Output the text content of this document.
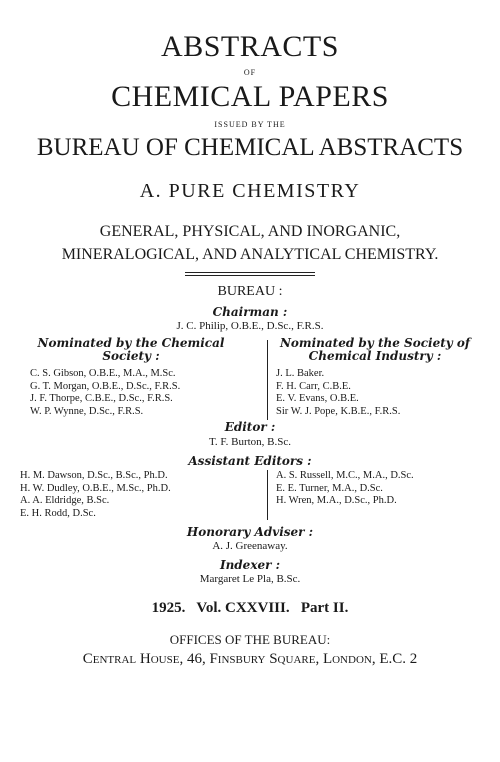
ABSTRACTS
OF
CHEMICAL PAPERS
ISSUED BY THE
BUREAU OF CHEMICAL ABSTRACTS
A. PURE CHEMISTRY
GENERAL, PHYSICAL, AND INORGANIC,
MINERALOGICAL, AND ANALYTICAL CHEMISTRY.
BUREAU :
Chairman :
J. C. Philip, O.B.E., D.Sc., F.R.S.
Nominated by the Chemical
Society :
C. S. Gibson, O.B.E., M.A., M.Sc.
G. T. Morgan, O.B.E., D.Sc., F.R.S.
J. F. Thorpe, C.B.E., D.Sc., F.R.S.
W. P. Wynne, D.Sc., F.R.S.
Nominated by the Society of
Chemical Industry :
J. L. Baker.
F. H. Carr, C.B.E.
E. V. Evans, O.B.E.
Sir W. J. Pope, K.B.E., F.R.S.
Editor :
T. F. Burton, B.Sc.
Assistant Editors :
H. M. Dawson, D.Sc., B.Sc., Ph.D.
H. W. Dudley, O.B.E., M.Sc., Ph.D.
A. A. Eldridge, B.Sc.
E. H. Rodd, D.Sc.
A. S. Russell, M.C., M.A., D.Sc.
E. E. Turner, M.A., D.Sc.
H. Wren, M.A., D.Sc., Ph.D.
Honorary Adviser :
A. J. Greenaway.
Indexer :
Margaret Le Pla, B.Sc.
1925.   Vol. CXXVIII.   Part II.
OFFICES OF THE BUREAU:
Central House, 46, Finsbury Square, London, E.C. 2
